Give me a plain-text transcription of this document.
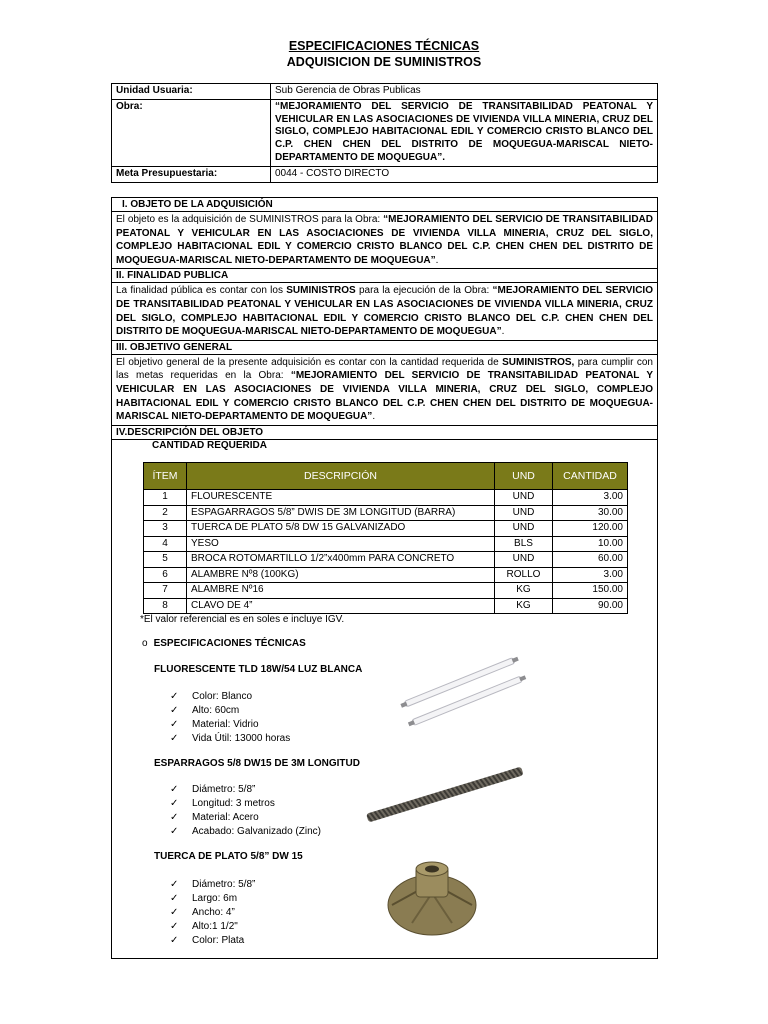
ESPECIFICACIONES TÉCNICAS
ADQUISICION DE SUMINISTROS
Unidad Usuaria:	Sub Gerencia de Obras Publicas
Obra:	“MEJORAMIENTO DEL SERVICIO DE TRANSITABILIDAD PEATONAL Y VEHICULAR EN LAS ASOCIACIONES DE VIVIENDA VILLA MINERIA, CRUZ DEL SIGLO, COMPLEJO HABITACIONAL EDIL Y COMERCIO CRISTO BLANCO DEL C.P. CHEN CHEN DEL DISTRITO DE MOQUEGUA-MARISCAL NIETO-DEPARTAMENTO DE MOQUEGUA”.
Meta Presupuestaria:	0044 - COSTO DIRECTO
I. OBJETO DE LA ADQUISICIÓN
El objeto es la adquisición de SUMINISTROS para la Obra: “MEJORAMIENTO DEL SERVICIO DE TRANSITABILIDAD PEATONAL Y VEHICULAR EN LAS ASOCIACIONES DE VIVIENDA VILLA MINERIA, CRUZ DEL SIGLO, COMPLEJO HABITACIONAL EDIL Y COMERCIO CRISTO BLANCO DEL C.P. CHEN CHEN DEL DISTRITO DE MOQUEGUA-MARISCAL NIETO-DEPARTAMENTO DE MOQUEGUA”.
II. FINALIDAD PUBLICA
La finalidad pública es contar con los SUMINISTROS para la ejecución de la Obra: “MEJORAMIENTO DEL SERVICIO DE TRANSITABILIDAD PEATONAL Y VEHICULAR EN LAS ASOCIACIONES DE VIVIENDA VILLA MINERIA, CRUZ DEL SIGLO, COMPLEJO HABITACIONAL EDIL Y COMERCIO CRISTO BLANCO DEL C.P. CHEN CHEN DEL DISTRITO DE MOQUEGUA-MARISCAL NIETO-DEPARTAMENTO DE MOQUEGUA”.
III. OBJETIVO GENERAL
El objetivo general de la presente adquisición es contar con la cantidad requerida de SUMINISTROS, para cumplir con las metas requeridas en la Obra: “MEJORAMIENTO DEL SERVICIO DE TRANSITABILIDAD PEATONAL Y VEHICULAR EN LAS ASOCIACIONES DE VIVIENDA VILLA MINERIA, CRUZ DEL SIGLO, COMPLEJO HABITACIONAL EDIL Y COMERCIO CRISTO BLANCO DEL C.P. CHEN CHEN DEL DISTRITO DE MOQUEGUA-MARISCAL NIETO-DEPARTAMENTO DE MOQUEGUA”.
IV.DESCRIPCIÓN DEL OBJETO
CANTIDAD REQUERIDA
ÍTEM	DESCRIPCIÓN	UND	CANTIDAD
1	FLOURESCENTE	UND	3.00
2	ESPAGARRAGOS 5/8” DWIS DE 3M LONGITUD (BARRA)	UND	30.00
3	TUERCA DE PLATO 5/8 DW 15 GALVANIZADO	UND	120.00
4	YESO	BLS	10.00
5	BROCA ROTOMARTILLO 1/2”x400mm PARA CONCRETO	UND	60.00
6	ALAMBRE Nº8 (100KG)	ROLLO	3.00
7	ALAMBRE Nº16	KG	150.00
8	CLAVO DE 4”	KG	90.00
*El valor referencial es en soles e incluye IGV.
o ESPECIFICACIONES TÉCNICAS
FLUORESCENTE TLD 18W/54 LUZ BLANCA
✓ Color: Blanco
✓ Alto: 60cm
✓ Material: Vidrio
✓ Vida Útil: 13000 horas
ESPARRAGOS 5/8 DW15 DE 3M LONGITUD
✓ Diámetro: 5/8”
✓ Longitud: 3 metros
✓ Material: Acero
✓ Acabado: Galvanizado (Zinc)
TUERCA DE PLATO 5/8” DW 15
✓ Diámetro: 5/8”
✓ Largo: 6m
✓ Ancho: 4”
✓ Alto:1 1/2"
✓ Color: Plata
